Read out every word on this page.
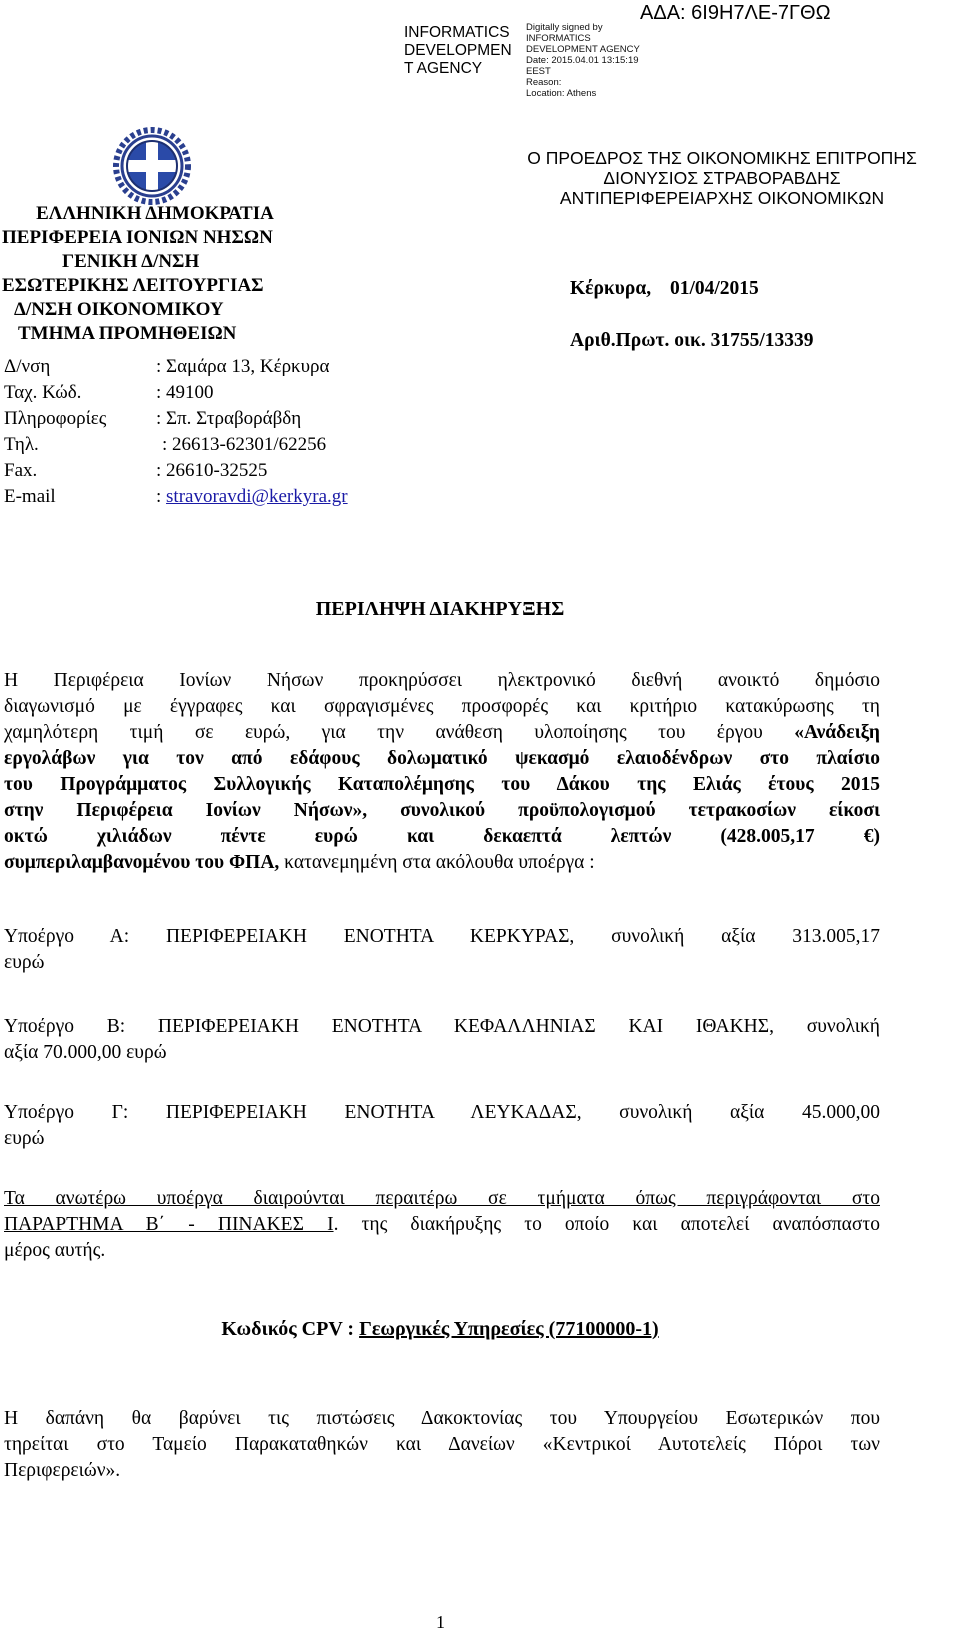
INFORMATICS
DEVELOPMEN
T AGENCY
Digitally signed by
INFORMATICS
DEVELOPMENT AGENCY
Date: 2015.04.01 13:15:19
EEST
Reason:
Location: Athens
ΑΔΑ: 6Ι9Η7ΛΕ-7ΓΘΩ
Ο ΠΡΟΕΔΡΟΣ ΤΗΣ ΟΙΚΟΝΟΜΙΚΗΣ ΕΠΙΤΡΟΠΗΣ
ΔΙΟΝΥΣΙΟΣ ΣΤΡΑΒΟΡΑΒΔΗΣ
ΑΝΤΙΠΕΡΙΦΕΡΕΙΑΡΧΗΣ ΟΙΚΟΝΟΜΙΚΩΝ
ΕΛΛΗΝΙΚΗ ΔΗΜΟΚΡΑΤΙΑ
ΠΕΡΙΦΕΡΕΙΑ ΙΟΝΙΩΝ ΝΗΣΩΝ
ΓΕΝΙΚΗ Δ/ΝΣΗ
ΕΣΩΤΕΡΙΚΗΣ ΛΕΙΤΟΥΡΓΙΑΣ
Δ/ΝΣΗ ΟΙΚΟΝΟΜΙΚΟΥ
ΤΜΗΜΑ ΠΡΟΜΗΘΕΙΩΝ
Κέρκυρα, 01/04/2015
Αριθ.Πρωτ. οικ. 31755/13339
Δ/νση	: Σαμάρα 13, Κέρκυρα
Ταχ. Κώδ.	: 49100
Πληροφορίες	: Σπ. Στραβοράβδη
Τηλ.	: 26613-62301/62256
Fax.	: 26610-32525
E-mail	: stravoravdi@kerkyra.gr
ΠΕΡΙΛΗΨΗ ΔΙΑΚΗΡΥΞΗΣ
Η Περιφέρεια Ιονίων Νήσων προκηρύσσει ηλεκτρονικό διεθνή ανοικτό δημόσιο
διαγωνισμό με έγγραφες και σφραγισμένες προσφορές και κριτήριο κατακύρωσης τη
χαμηλότερη τιμή σε ευρώ, για την ανάθεση υλοποίησης του έργου «Ανάδειξη
εργολάβων για τον από εδάφους δολωματικό ψεκασμό ελαιοδένδρων στο πλαίσιο
του Προγράμματος Συλλογικής Καταπολέμησης του Δάκου της Ελιάς έτους 2015
στην Περιφέρεια Ιονίων Νήσων», συνολικού προϋπολογισμού τετρακοσίων είκοσι
οκτώ χιλιάδων πέντε ευρώ και δεκαεπτά λεπτών (428.005,17 €)
συμπεριλαμβανομένου του ΦΠΑ, κατανεμημένη στα ακόλουθα υποέργα :
Υποέργο Α: ΠΕΡΙΦΕΡΕΙΑΚΗ ΕΝΟΤΗΤΑ ΚΕΡΚΥΡΑΣ, συνολική αξία 313.005,17
ευρώ
Υποέργο Β: ΠΕΡΙΦΕΡΕΙΑΚΗ ΕΝΟΤΗΤΑ ΚΕΦΑΛΛΗΝΙΑΣ ΚΑΙ ΙΘΑΚΗΣ, συνολική
αξία 70.000,00 ευρώ
Υποέργο Γ: ΠΕΡΙΦΕΡΕΙΑΚΗ ΕΝΟΤΗΤΑ ΛΕΥΚΑΔΑΣ, συνολική αξία 45.000,00
ευρώ
Τα ανωτέρω υποέργα διαιρούνται περαιτέρω σε τμήματα όπως περιγράφονται στο
ΠΑΡΑΡΤΗΜΑ Β΄ - ΠΙΝΑΚΕΣ Ι. της διακήρυξης το οποίο και αποτελεί αναπόσπαστο
μέρος αυτής.
Κωδικός CPV : Γεωργικές Υπηρεσίες (77100000-1)
Η δαπάνη θα βαρύνει τις πιστώσεις Δακοκτονίας του Υπουργείου Εσωτερικών που
τηρείται στο Ταμείο Παρακαταθηκών και Δανείων «Κεντρικοί Αυτοτελείς Πόροι των
Περιφερειών».
1
